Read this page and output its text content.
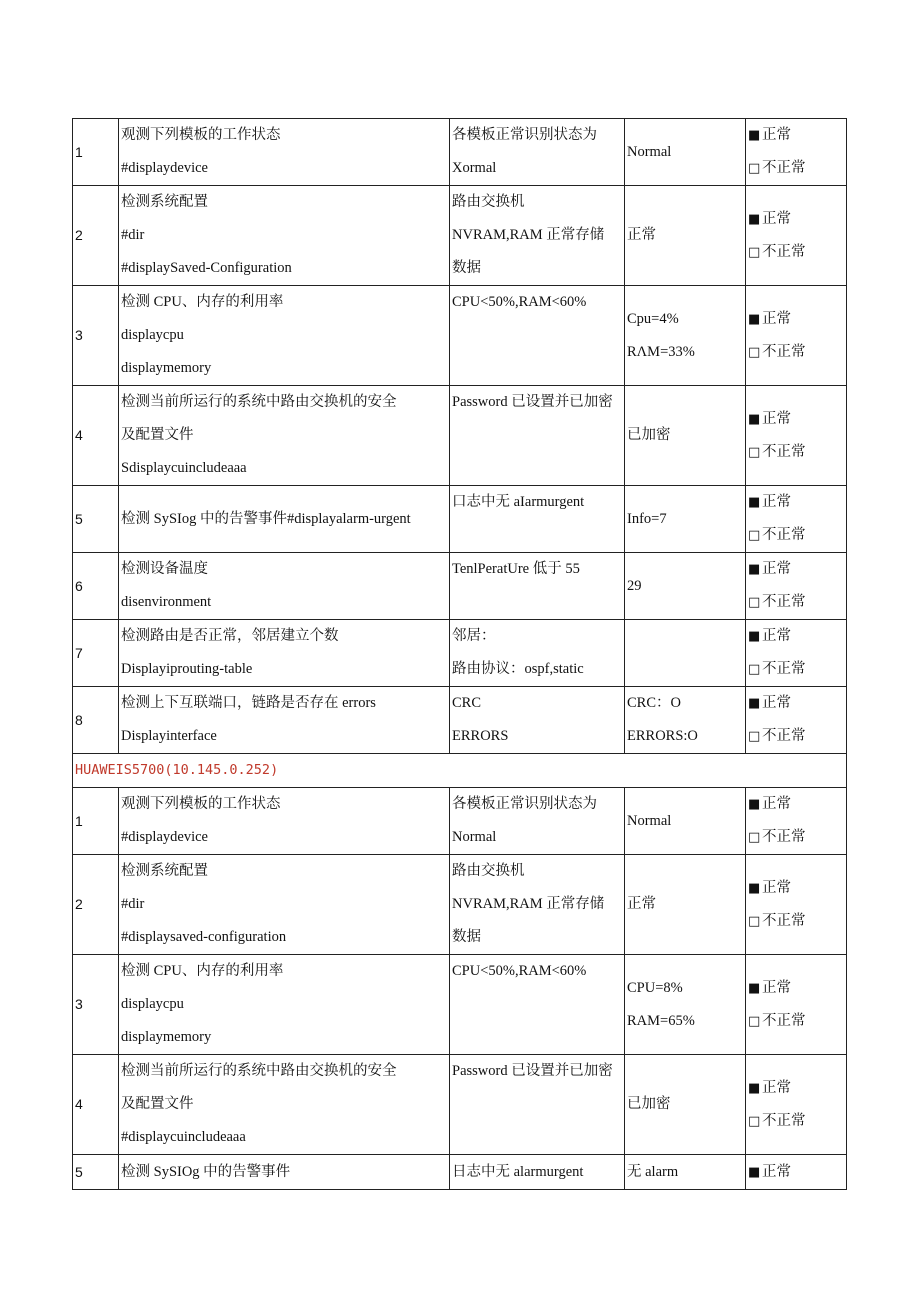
1	观测下列模板的工作状态
#displaydevice	各模板正常识别状态为
Xormal	Normal	■ 正常
□ 不正常

2	检测系统配置
#dir
#displaySaved-Configuration	路由交换机
NVRAM,RAM 正常存储
数据	正常	■ 正常
□ 不正常

3	检测 CPU、内存的利用率
displaycpu
displaymemory	CPU<50%,RAM<60%	Cpu=4%
RΛM=33%	■ 正常
□ 不正常

4	检测当前所运行的系统中路由交换机的安全
及配置文件
Sdisplaycuincludeaaa	Password 已设置并已加密	已加密	■ 正常
□ 不正常

5	检测 SySIog 中的告警事件#displayalarm-urgent	口志中无 aIarmurgent	Info=7	■ 正常
□ 不正常

6	检测设备温度
disenvironment	TenlPeratUre 低于 55	29	■ 正常
□ 不正常

7	检测路由是否正常，邻居建立个数
Displayiprouting-table	邻居：
路由协议：ospf,static		■ 正常
□ 不正常

8	检测上下互联端口，链路是否存在 errors
Displayinterface	CRC
ERRORS	CRC：O
ERRORS:O	■ 正常
□ 不正常

HUAWEIS5700(10.145.0.252)				
1	观测下列模板的工作状态
#displaydevice	各模板正常识别状态为
Normal	Normal	■ 正常
□ 不正常

2	检测系统配置
#dir
#displaysaved-configuration	路由交换机
NVRAM,RAM 正常存储
数据	正常	■ 正常
□ 不正常

3	检测 CPU、内存的利用率
displaycpu
displaymemory	CPU<50%,RAM<60%	CPU=8%
RAM=65%	■ 正常
□ 不正常

4	检测当前所运行的系统中路由交换机的安全
及配置文件
#displaycuincludeaaa	Password 已设置并已加密	已加密	■ 正常
□ 不正常

5	检测 SySIOg 中的告警事件	日志中无 alarmurgent	无 alarm	■ 正常
